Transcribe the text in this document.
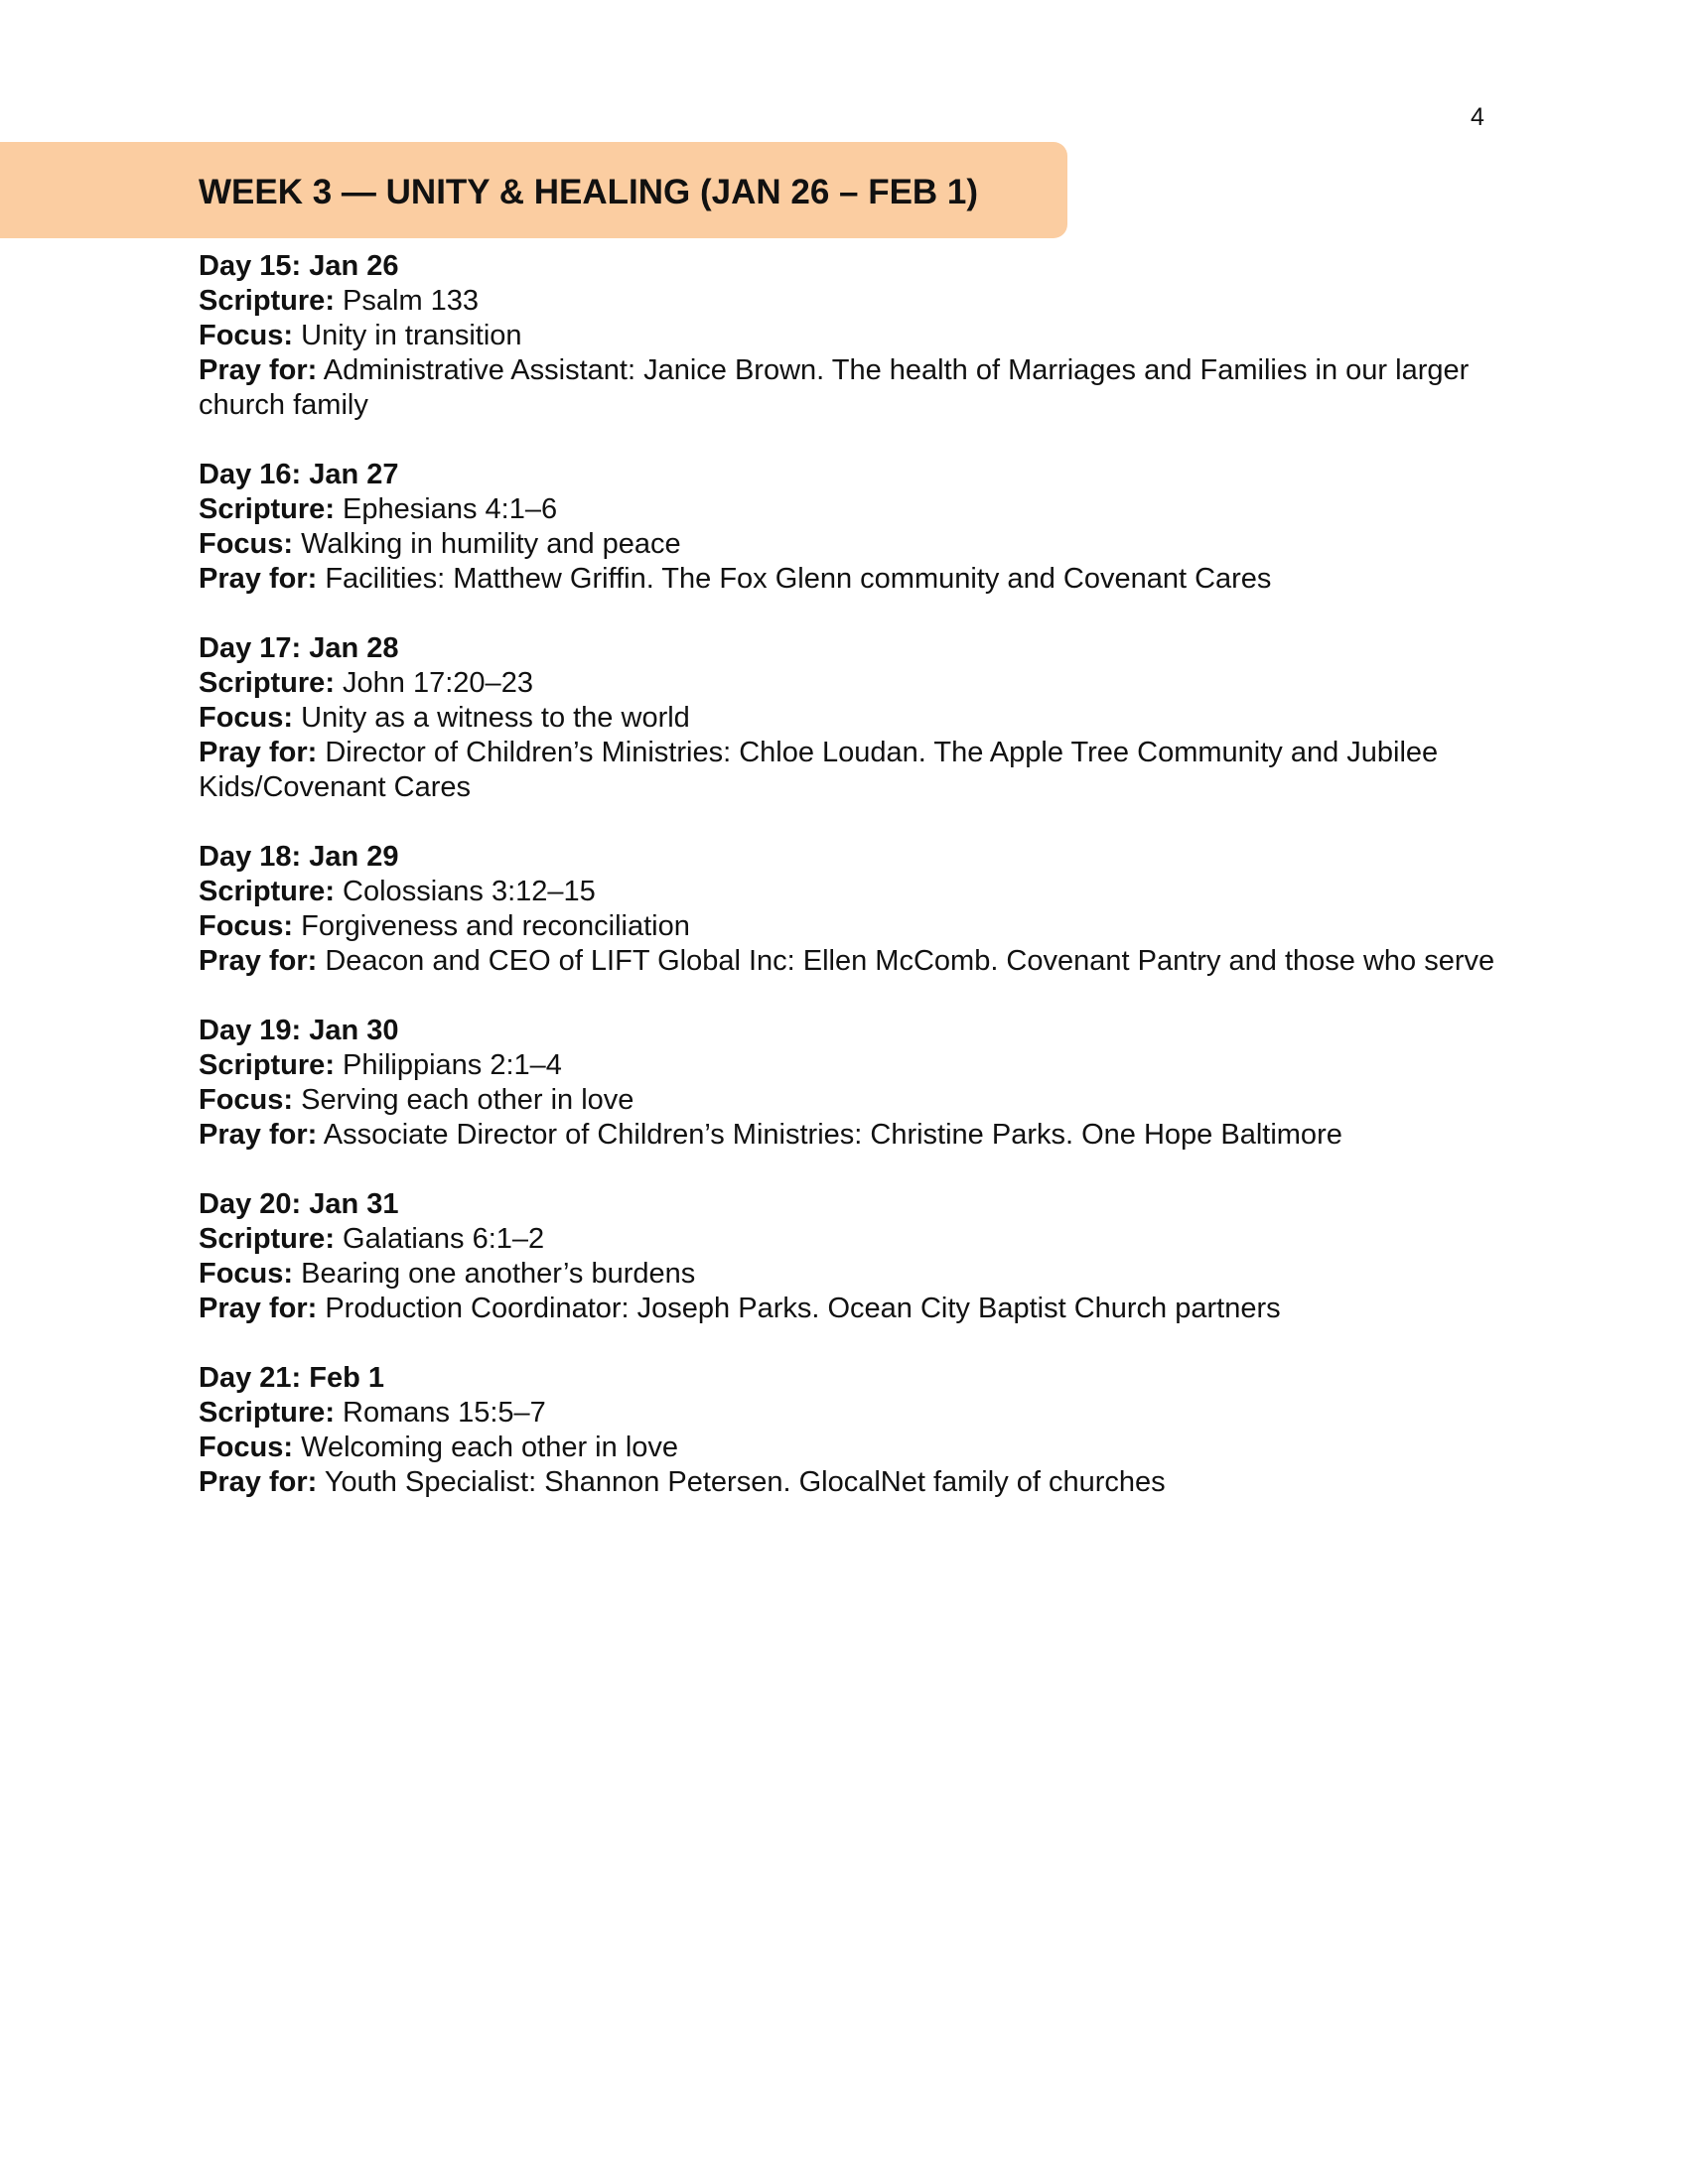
4
WEEK 3 — UNITY & HEALING (JAN 26 – FEB 1)
Day 15: Jan 26
Scripture: Psalm 133
Focus: Unity in transition
Pray for: Administrative Assistant: Janice Brown. The health of Marriages and Families in our larger church family
Day 16: Jan 27
Scripture: Ephesians 4:1–6
Focus: Walking in humility and peace
Pray for: Facilities: Matthew Griffin. The Fox Glenn community and Covenant Cares
Day 17: Jan 28
Scripture: John 17:20–23
Focus: Unity as a witness to the world
Pray for: Director of Children’s Ministries: Chloe Loudan. The Apple Tree Community and Jubilee Kids/Covenant Cares
Day 18: Jan 29
Scripture: Colossians 3:12–15
Focus: Forgiveness and reconciliation
Pray for: Deacon and CEO of LIFT Global Inc: Ellen McComb. Covenant Pantry and those who serve
Day 19: Jan 30
Scripture: Philippians 2:1–4
Focus: Serving each other in love
Pray for: Associate Director of Children’s Ministries: Christine Parks. One Hope Baltimore
Day 20: Jan 31
Scripture: Galatians 6:1–2
Focus: Bearing one another’s burdens
Pray for: Production Coordinator: Joseph Parks. Ocean City Baptist Church partners
Day 21: Feb 1
Scripture: Romans 15:5–7
Focus: Welcoming each other in love
Pray for: Youth Specialist: Shannon Petersen. GlocalNet family of churches
